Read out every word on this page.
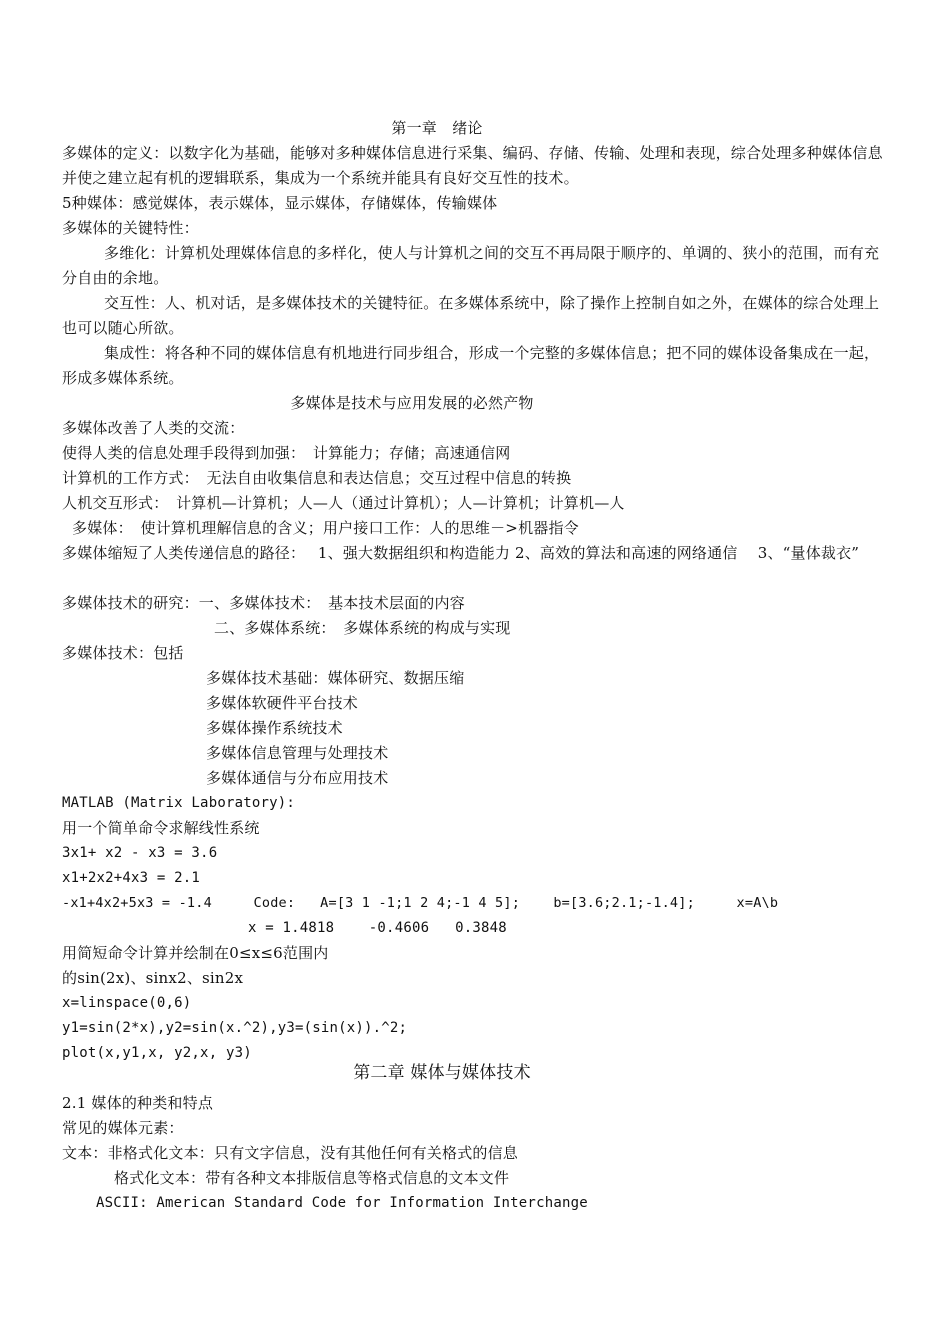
第一章　绪论
多媒体的定义：以数字化为基础，能够对多种媒体信息进行采集、编码、存储、传输、处理和表现，综合处理多种媒体信息并使之建立起有机的逻辑联系，集成为一个系统并能具有良好交互性的技术。
5种媒体：感觉媒体，表示媒体，显示媒体，存储媒体，传输媒体
多媒体的关键特性：
多维化：计算机处理媒体信息的多样化，使人与计算机之间的交互不再局限于顺序的、单调的、狭小的范围，而有充分自由的余地。
交互性：人、机对话，是多媒体技术的关键特征。在多媒体系统中，除了操作上控制自如之外，在媒体的综合处理上也可以随心所欲。
集成性：将各种不同的媒体信息有机地进行同步组合，形成一个完整的多媒体信息；把不同的媒体设备集成在一起，形成多媒体系统。
多媒体是技术与应用发展的必然产物
多媒体改善了人类的交流：
使得人类的信息处理手段得到加强：　计算能力；存储；高速通信网
计算机的工作方式：　无法自由收集信息和表达信息；交互过程中信息的转换
人机交互形式：　计算机—计算机；人—人（通过计算机）；人—计算机；计算机—人
多媒体：　使计算机理解信息的含义；用户接口工作：人的思维－>机器指令
多媒体缩短了人类传递信息的路径：　 1、强大数据组织和构造能力 2、高效的算法和高速的网络通信　 3、“量体裁衣”
多媒体技术的研究：一、多媒体技术：　基本技术层面的内容
二、多媒体系统：　多媒体系统的构成与实现
多媒体技术：包括
多媒体技术基础：媒体研究、数据压缩
多媒体软硬件平台技术
多媒体操作系统技术
多媒体信息管理与处理技术
多媒体通信与分布应用技术
MATLAB (Matrix Laboratory):
用一个简单命令求解线性系统
3x1+ x2 - x3 = 3.6
x1+2x2+4x3 = 2.1
-x1+4x2+5x3 = -1.4     Code:   A=[3 1 -1;1 2 4;-1 4 5];    b=[3.6;2.1;-1.4];     x=A\b
x = 1.4818    -0.4606   0.3848
用简短命令计算并绘制在0≤x≤6范围内
的sin(2x)、sinx2、sin2x
x=linspace(0,6)
y1=sin(2*x),y2=sin(x.^2),y3=(sin(x)).^2;
plot(x,y1,x, y2,x, y3)
第二章 媒体与媒体技术
2.1 媒体的种类和特点
常见的媒体元素：
文本：非格式化文本：只有文字信息，没有其他任何有关格式的信息
格式化文本：带有各种文本排版信息等格式信息的文本文件
ASCII: American Standard Code for Information Interchange
